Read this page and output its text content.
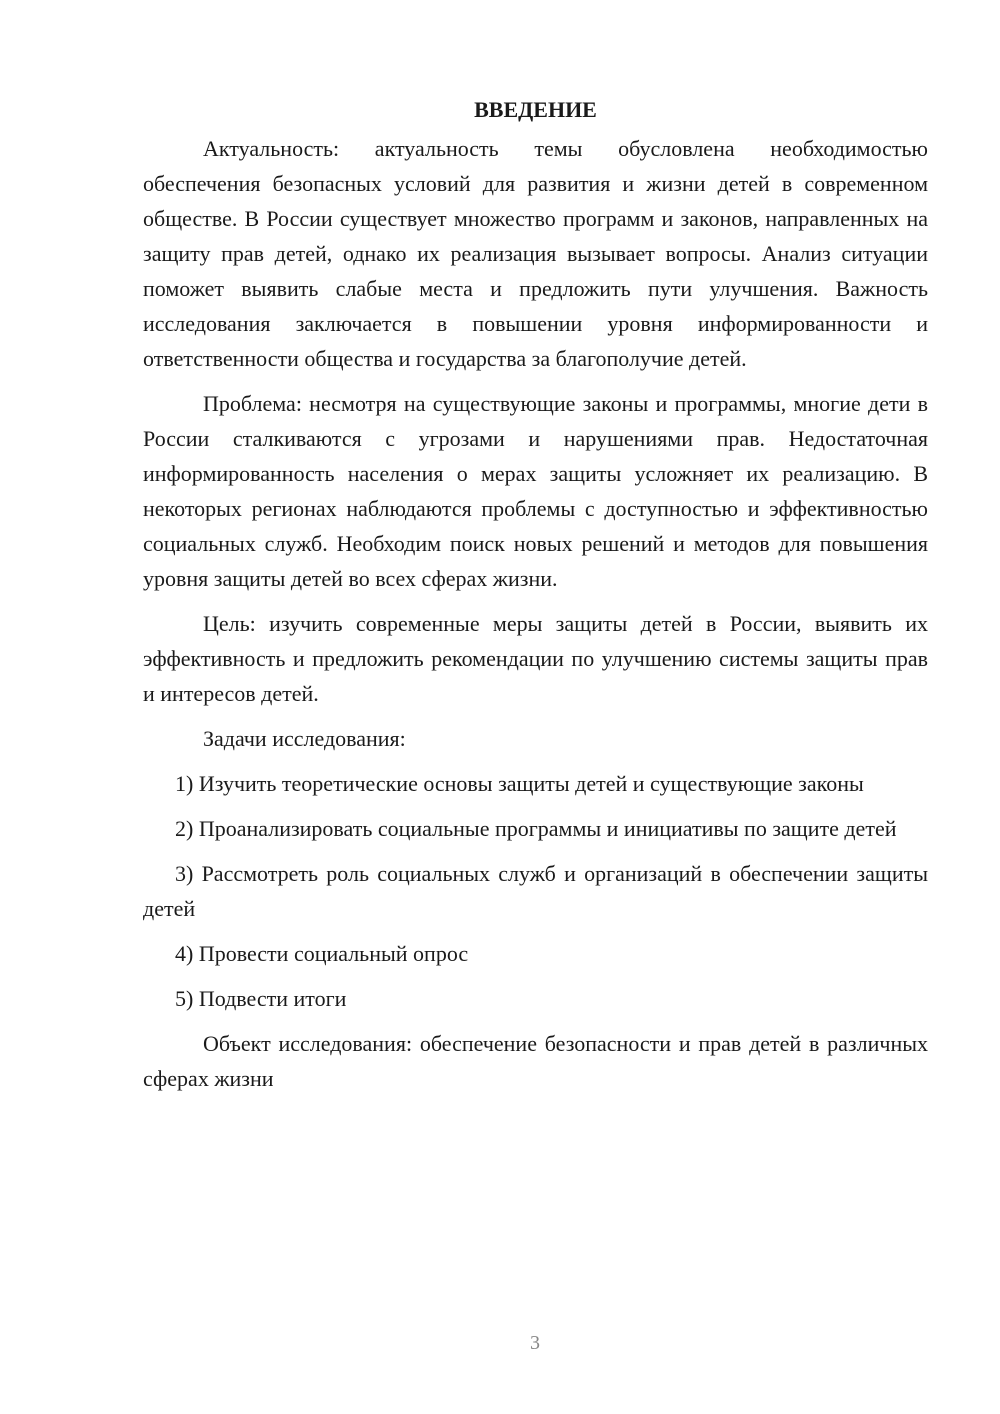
ВВЕДЕНИЕ

Актуальность: актуальность темы обусловлена необходимостью обеспечения безопасных условий для развития и жизни детей в современном обществе. В России существует множество программ и законов, направленных на защиту прав детей, однако их реализация вызывает вопросы. Анализ ситуации поможет выявить слабые места и предложить пути улучшения. Важность исследования заключается в повышении уровня информированности и ответственности общества и государства за благополучие детей.

Проблема: несмотря на существующие законы и программы, многие дети в России сталкиваются с угрозами и нарушениями прав. Недостаточная информированность населения о мерах защиты усложняет их реализацию. В некоторых регионах наблюдаются проблемы с доступностью и эффективностью социальных служб. Необходим поиск новых решений и методов для повышения уровня защиты детей во всех сферах жизни.

Цель: изучить современные меры защиты детей в России, выявить их эффективность и предложить рекомендации по улучшению системы защиты прав и интересов детей.

Задачи исследования:

1) Изучить теоретические основы защиты детей и существующие законы

2) Проанализировать социальные программы и инициативы по защите детей

3) Рассмотреть роль социальных служб и организаций в обеспечении защиты детей

4) Провести социальный опрос

5) Подвести итоги

Объект исследования: обеспечение безопасности и прав детей в различных сферах жизни

3
